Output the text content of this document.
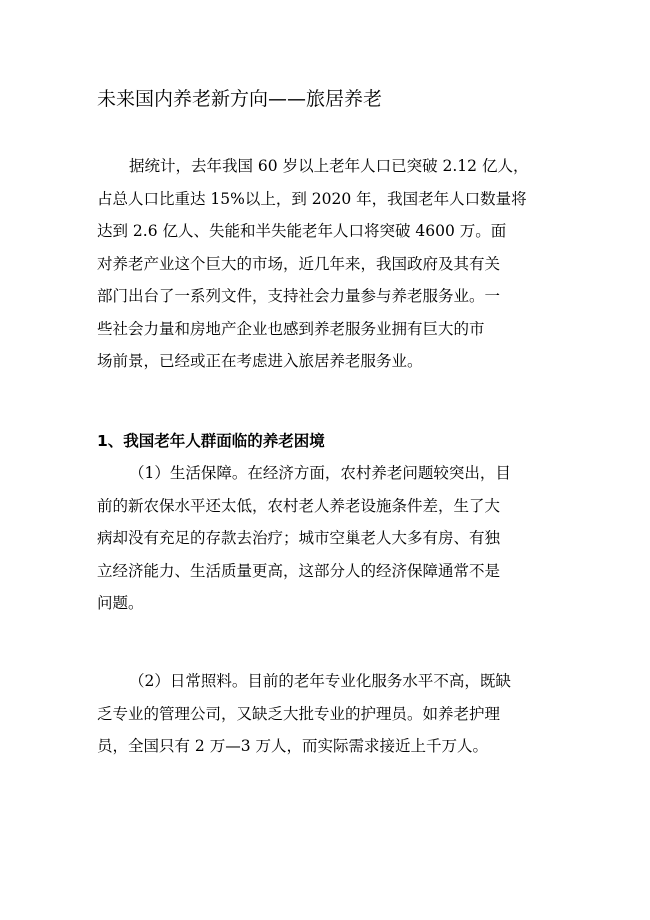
未来国内养老新方向——旅居养老
据统计，去年我国 60 岁以上老年人口已突破 2.12 亿人，
占总人口比重达 15%以上，到 2020 年，我国老年人口数量将
达到 2.6 亿人、失能和半失能老年人口将突破 4600 万。面
对养老产业这个巨大的市场，近几年来，我国政府及其有关
部门出台了一系列文件，支持社会力量参与养老服务业。一
些社会力量和房地产企业也感到养老服务业拥有巨大的市
场前景，已经或正在考虑进入旅居养老服务业。
1、我国老年人群面临的养老困境
（1）生活保障。在经济方面，农村养老问题较突出，目
前的新农保水平还太低，农村老人养老设施条件差，生了大
病却没有充足的存款去治疗；城市空巢老人大多有房、有独
立经济能力、生活质量更高，这部分人的经济保障通常不是
问题。
（2）日常照料。目前的老年专业化服务水平不高，既缺
乏专业的管理公司，又缺乏大批专业的护理员。如养老护理
员，全国只有 2 万—3 万人，而实际需求接近上千万人。
